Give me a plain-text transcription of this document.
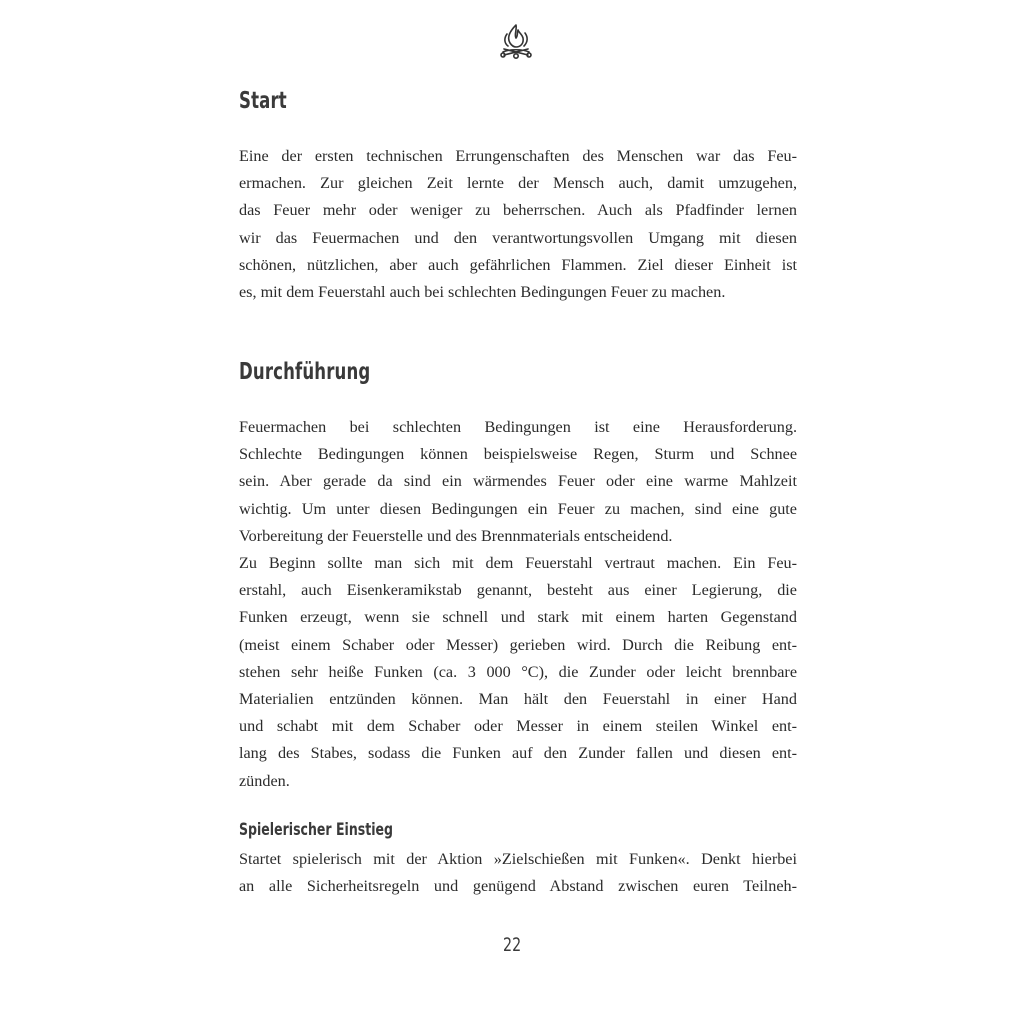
Start
Eine der ersten technischen Errungenschaften des Menschen war das Feu-
ermachen. Zur gleichen Zeit lernte der Mensch auch, damit umzugehen,
das Feuer mehr oder weniger zu beherrschen. Auch als Pfadfinder lernen
wir das Feuermachen und den verantwortungsvollen Umgang mit diesen
schönen, nützlichen, aber auch gefährlichen Flammen. Ziel dieser Einheit ist
es, mit dem Feuerstahl auch bei schlechten Bedingungen Feuer zu machen.
Durchführung
Feuermachen bei schlechten Bedingungen ist eine Herausforderung.
Schlechte Bedingungen können beispielsweise Regen, Sturm und Schnee
sein. Aber gerade da sind ein wärmendes Feuer oder eine warme Mahlzeit
wichtig. Um unter diesen Bedingungen ein Feuer zu machen, sind eine gute
Vorbereitung der Feuerstelle und des Brennmaterials entscheidend.
Zu Beginn sollte man sich mit dem Feuerstahl vertraut machen. Ein Feu-
erstahl, auch Eisenkeramikstab genannt, besteht aus einer Legierung, die
Funken erzeugt, wenn sie schnell und stark mit einem harten Gegenstand
(meist einem Schaber oder Messer) gerieben wird. Durch die Reibung ent-
stehen sehr heiße Funken (ca. 3 000 °C), die Zunder oder leicht brennbare
Materialien entzünden können. Man hält den Feuerstahl in einer Hand
und schabt mit dem Schaber oder Messer in einem steilen Winkel ent-
lang des Stabes, sodass die Funken auf den Zunder fallen und diesen ent-
zünden.
Spielerischer Einstieg
Startet spielerisch mit der Aktion »Zielschießen mit Funken«. Denkt hierbei
an alle Sicherheitsregeln und genügend Abstand zwischen euren Teilneh-
22
